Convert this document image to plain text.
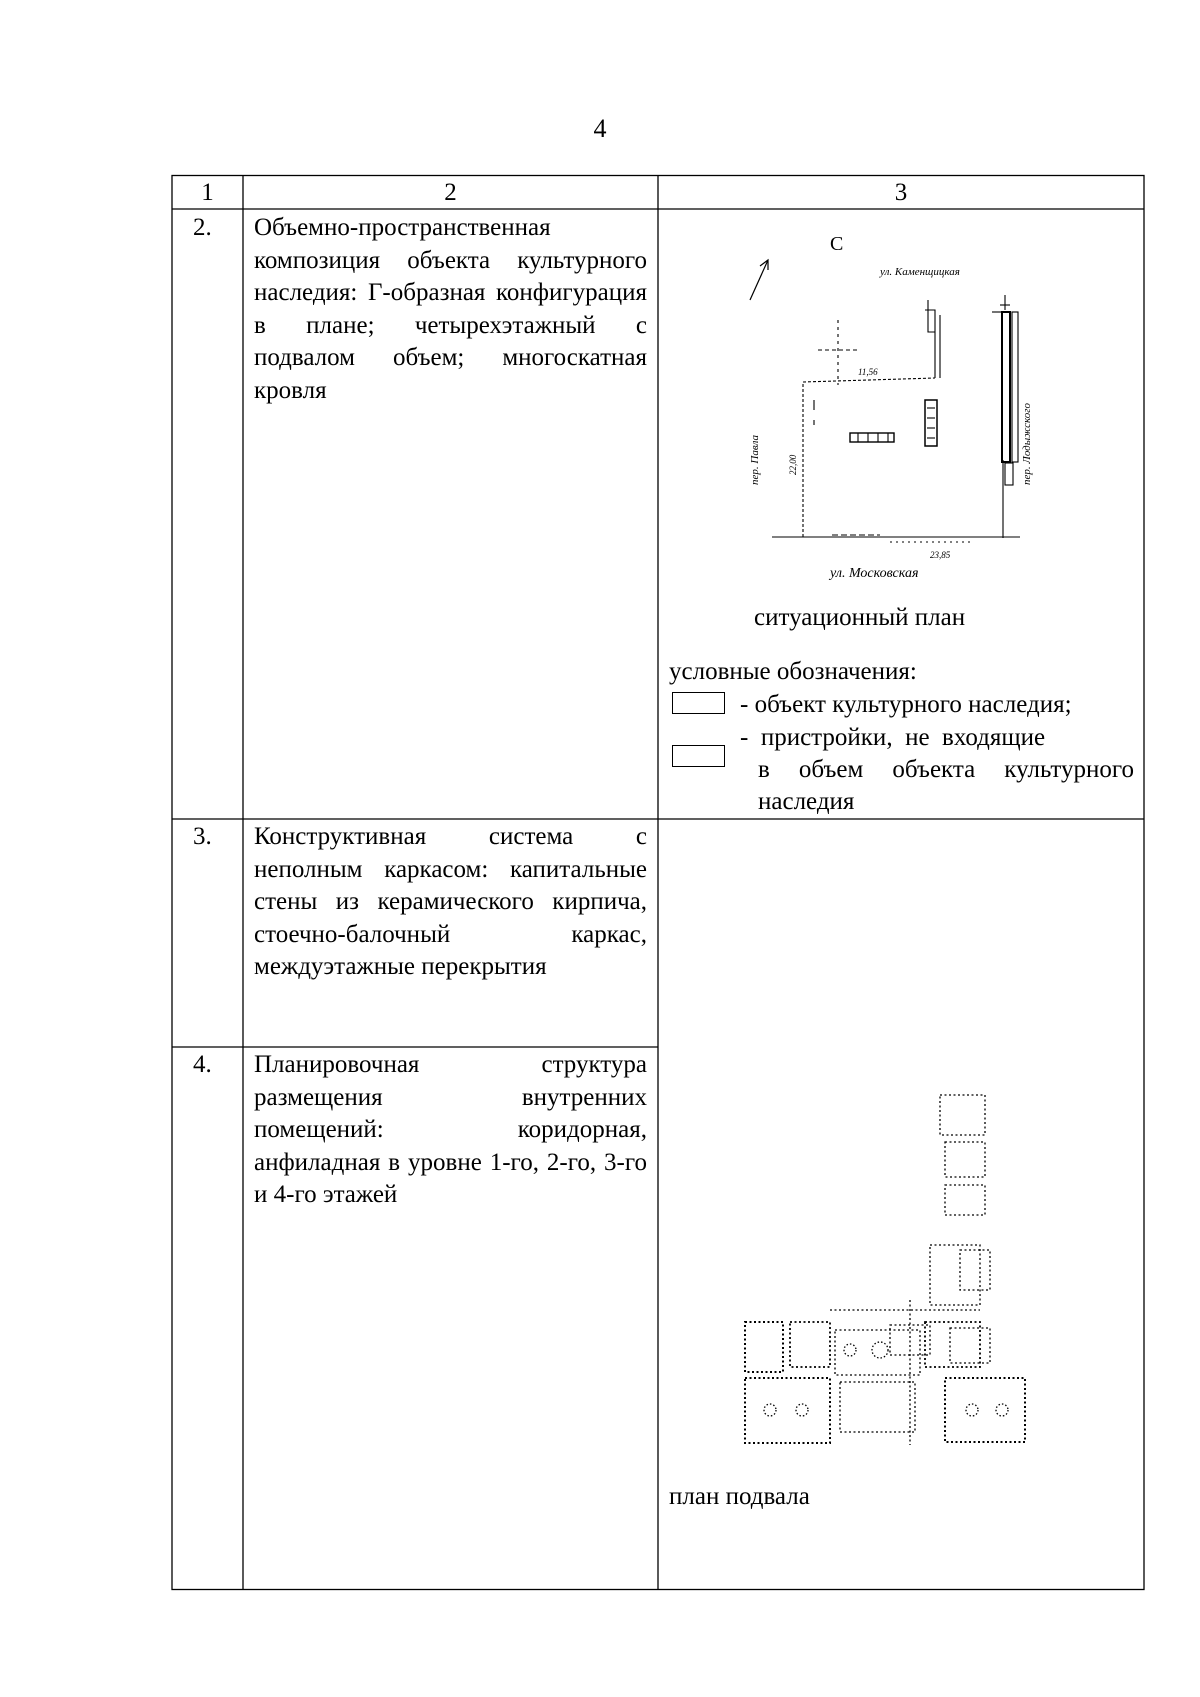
4
1	2	3
2. Объемно-пространственная композиция объекта культурного наследия: Г-образная конфигурация в плане; четырехэтажный с подвалом объем; многоскатная кровля
3. Конструктивная система с неполным каркасом: капитальные стены из керамического кирпича, стоечно-балочный каркас, междуэтажные перекрытия
4. Планировочная структура размещения внутренних помещений: коридорная, анфиладная в уровне 1-го, 2-го, 3-го и 4-го этажей
С
ул. Каменщицкая
ул. Московская
пер. Павла	пер. Лодыжского
11,56
22,00
23,85
ситуационный план
условные обозначения:
- объект культурного наследия;
-  пристройки,  не  входящие
в объем объекта культурного
наследия
план подвала
